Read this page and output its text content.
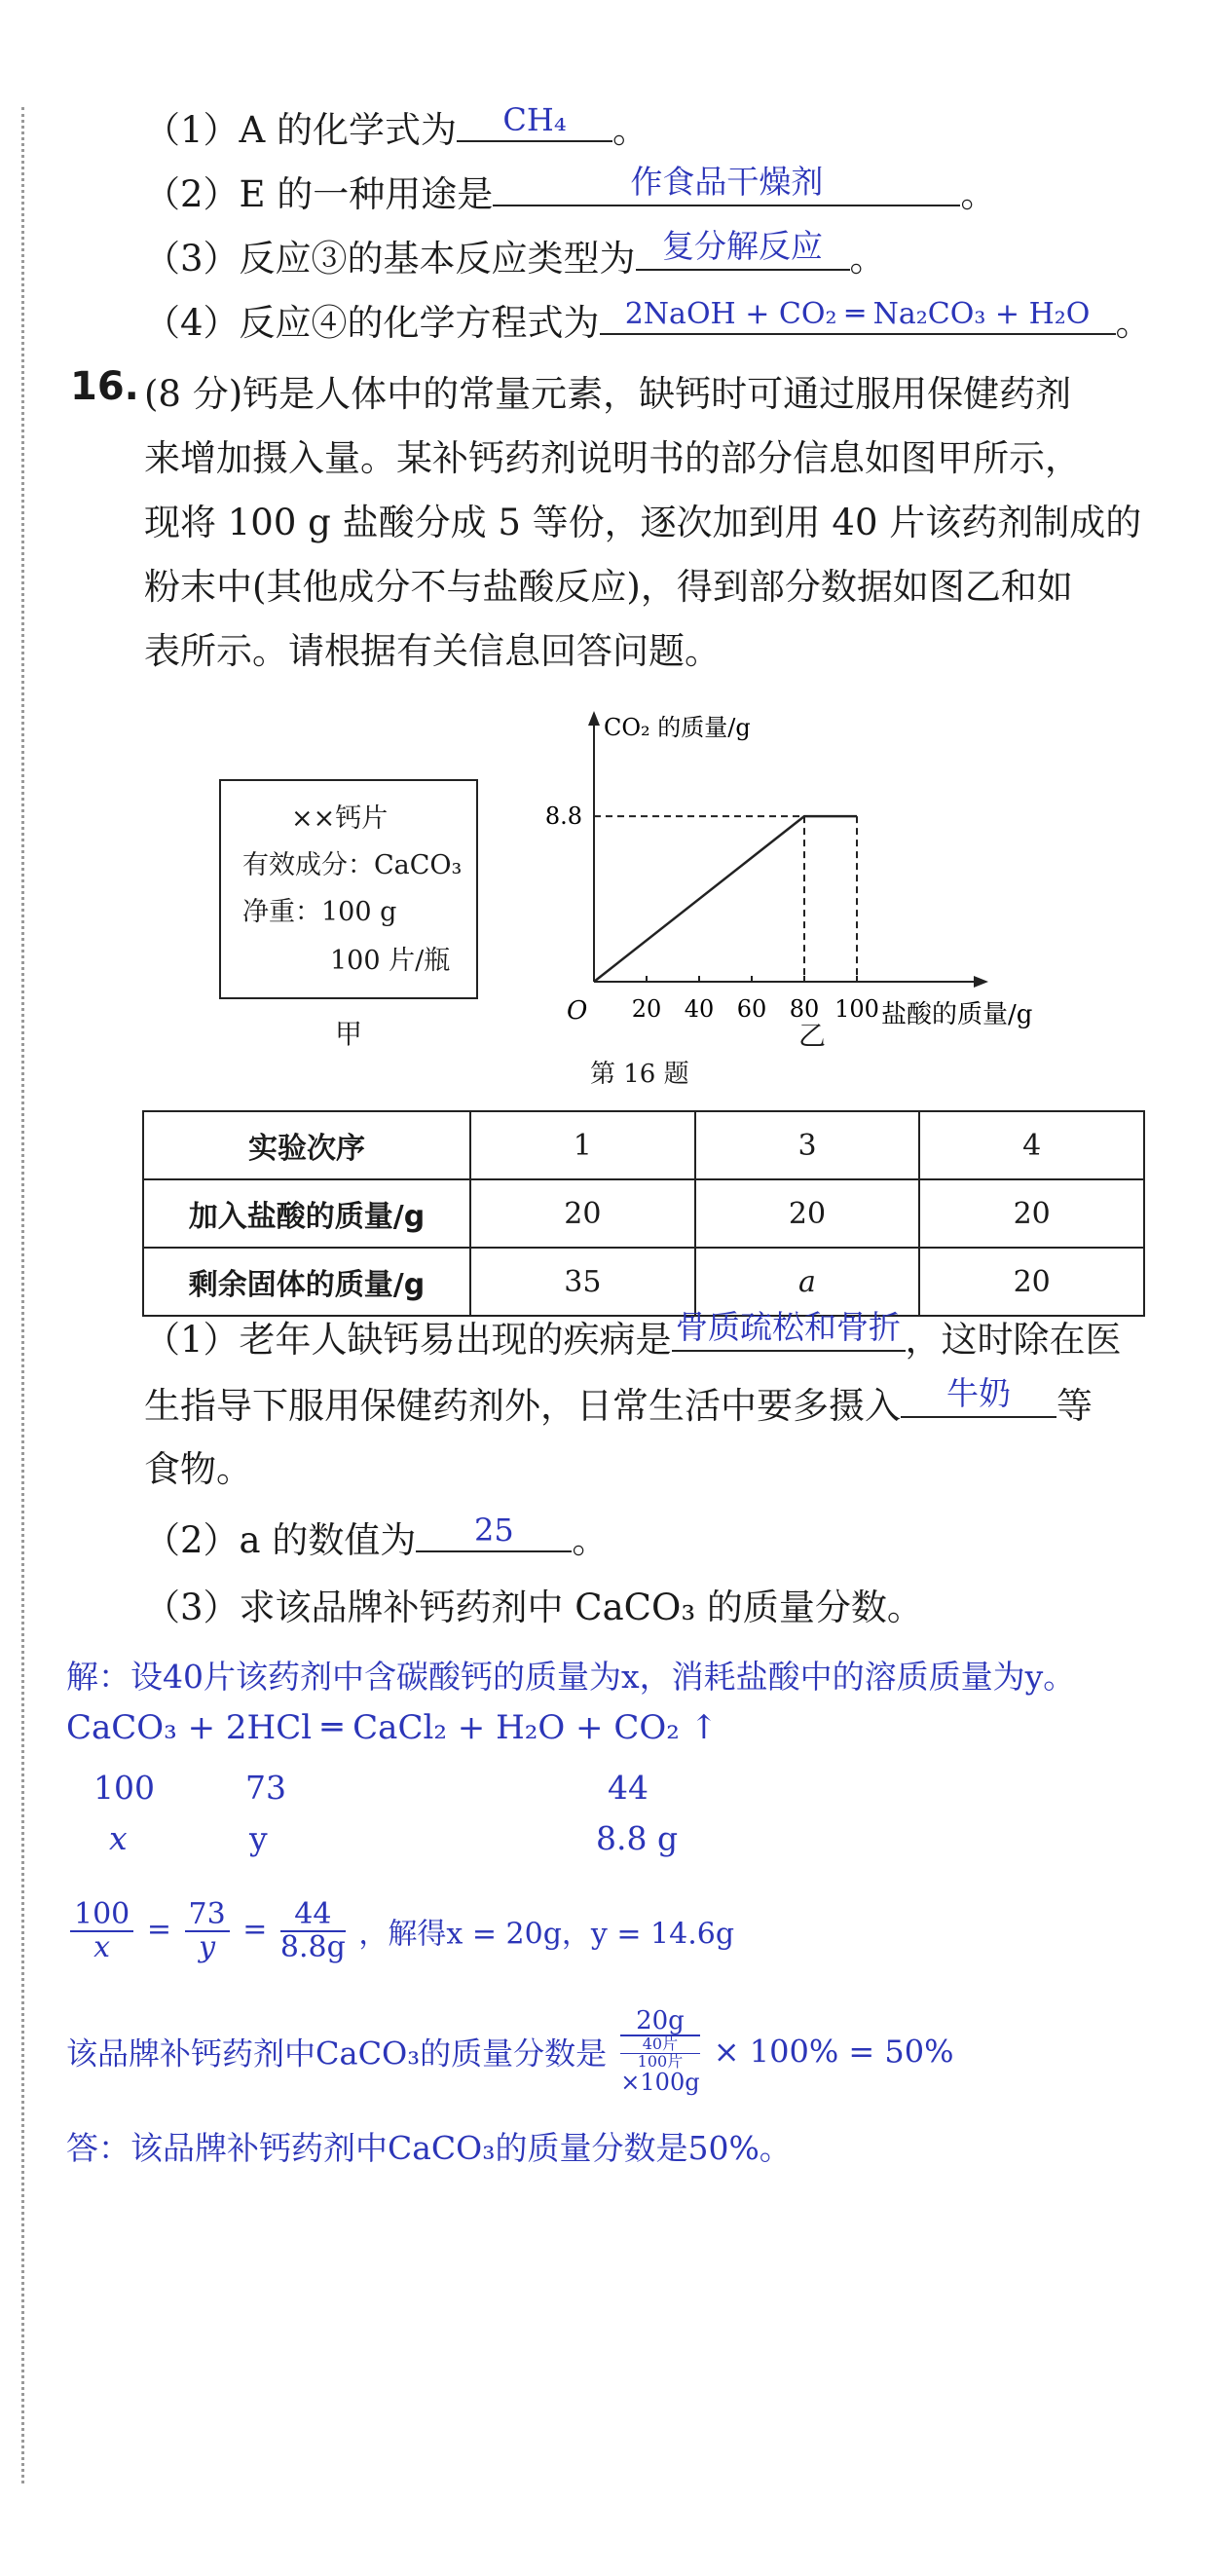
（1）A 的化学式为	CH₄	。
（2）E 的一种用途是	作食品干燥剂	。
（3）反应③的基本反应类型为 复分解反应 。
（4）反应④的化学方程式为 2NaOH + CO₂ ═ Na₂CO₃ + H₂O 。
16. (8 分)钙是人体中的常量元素，缺钙时可通过服用保健药剂
来增加摄入量。某补钙药剂说明书的部分信息如图甲所示，
现将 100 g 盐酸分成 5 等份，逐次加到用 40 片该药剂制成的
粉末中(其他成分不与盐酸反应)，得到部分数据如图乙和如
表所示。请根据有关信息回答问题。
××钙片
有效成分：CaCO₃
净重：100 g
100 片/瓶
甲
CO₂ 的质量/g
盐酸的质量/g
O 20 40 60 80 100
8.8
乙
第 16 题
实验次序	1	3	4
加入盐酸的质量/g	20	20	20
剩余固体的质量/g	35	a	20
（1）老年人缺钙易出现的疾病是 骨质疏松和骨折 ，这时除在医
生指导下服用保健药剂外，日常生活中要多摄入	牛奶	等
食物。
（2）a 的数值为	25	。
（3）求该品牌补钙药剂中 CaCO₃ 的质量分数。
解：设40片该药剂中含碳酸钙的质量为x，消耗盐酸中的溶质质量为y。
CaCO₃ + 2HCl ═ CaCl₂ + H₂O + CO₂ ↑
100	73	44
x	y	8.8 g
$\frac{100}{x} = \frac{73}{y} = \frac{44}{8.8g}$ ，解得x = 20g，y = 14.6g
该品牌补钙药剂中CaCO₃的质量分数是 20g
40片
100片
×100g × 100% = 50%
答：该品牌补钙药剂中CaCO₃的质量分数是50%。
